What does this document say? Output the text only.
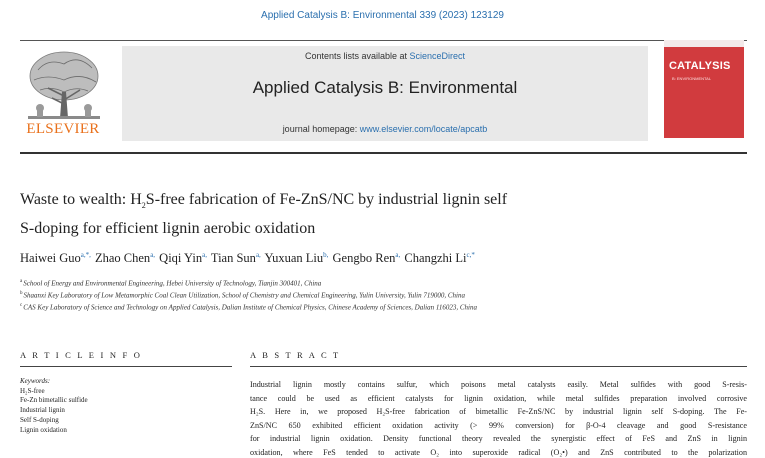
Applied Catalysis B: Environmental 339 (2023) 123129
ELSEVIER
Contents lists available at ScienceDirect
Applied Catalysis B: Environmental
journal homepage: www.elsevier.com/locate/apcatb
CATALYSIS
B: ENVIRONMENTAL
Waste to wealth: $H_2S$-free fabrication of Fe-ZnS/NC by industrial lignin self
S-doping for efficient lignin aerobic oxidation
Haiwei Guo$^{a,*,}$ Zhao Chen$^{a,}$ Qiqi Yin$^{a,}$ Tian Sun$^{a,}$ Yuxuan Liu$^{b,}$ Gengbo Ren$^{a,}$ Changzhi Li$^{c,*}$
$^a$School of Energy and Environmental Engineering, Hebei University of Technology, Tianjin 300401, China
$^b$Shaanxi Key Laboratory of Low Metamorphic Coal Clean Utilization, School of Chemistry and Chemical Engineering, Yulin University, Yulin 719000, China
$^c$CAS Key Laboratory of Science and Technology on Applied Catalysis, Dalian Institute of Chemical Physics, Chinese Academy of Sciences, Dalian 116023, China
A R T I C L E I N F O	A B S T R A C T
Keywords:
H₂S-free
Fe-Zn bimetallic sulfide
Industrial lignin
Self S-doping
Lignin oxidation
Industrial lignin mostly contains sulfur, which poisons metal catalysts easily. Metal sulfides with good S-resis-
tance could be used as efficient catalysts for lignin oxidation, while metal sulfides preparation involved corrosive
H₂S. Here in, we proposed H₂S-free fabrication of bimetallic Fe-ZnS/NC by industrial lignin self S-doping. The Fe-
ZnS/NC 650 exhibited efficient oxidation activity (> 99% conversion) for β-O-4 cleavage and good S-resistance
for industrial lignin oxidation. Density functional theory revealed the synergistic effect of FeS and ZnS in lignin
oxidation, where FeS tended to activate O₂ into superoxide radical (O₂•) and ZnS contributed to the polarization
